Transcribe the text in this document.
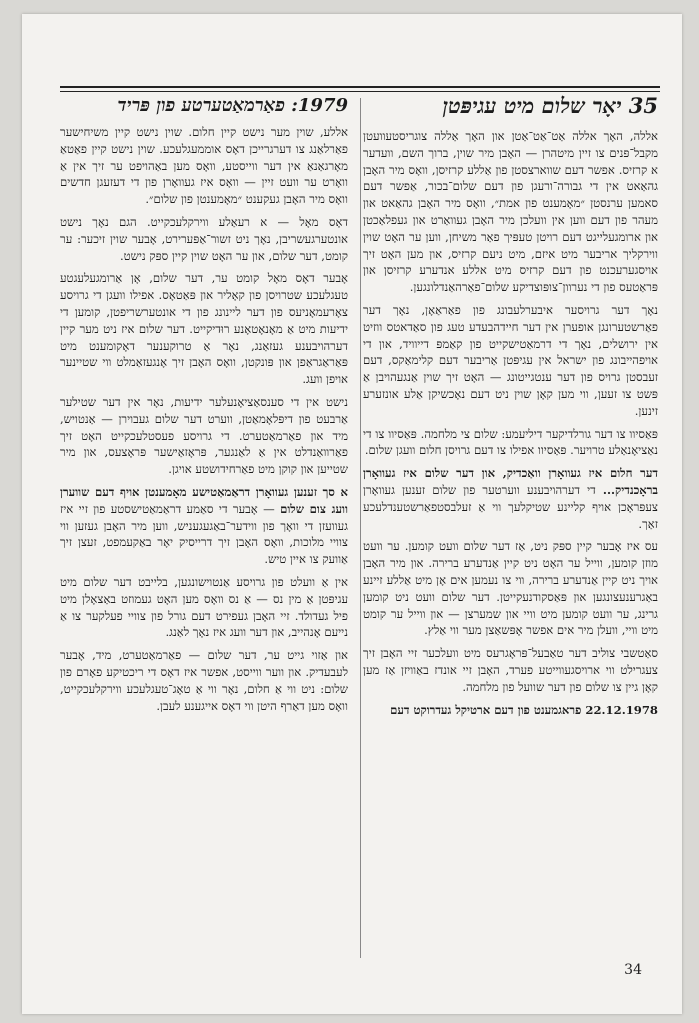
35 יאָר שלום מיט עגיפּטן

אללה, האָך אללה אַט־אַט־אַטן און האָך אַללה צוגריסטעוועטן מקבל־פּנים צו זיין מיטהרן — האָבן מיר שוין, ברוך השם, וועדער א קרזיס. אפשר דעם שווארצסטן פון אַללע קרזיסן, וואָס מיר האָבן גהאַאט אין די גבורה־ורעגן פון דעם שלום־בכור, אַפשר דעם סאמען ערנסטן ״מאָמענט פון אמת״, וואָס מיר האָבן גהאַאט און מעהר פון דעם ווען אין וועלכן מיר האָבן געוואַרט און געפלאַכטן און ארומגעלייגט דעם רויטן טעפּיך פאַר משיחן, ווען ער האָט שוין ווירקליך אריבער מיט איזם, מיט ניעם קרזיס, און מען האָט זיך אויסגערעכנט פון דעם קרזיס מיט אללע אנדערע קרזיסן און פּראַטעס פון די נערוון־צופּוצדיקע שלום־פאַרהאַנדלונגען.

נאָך דער גרויסער איבערלעבונג פון פאַראַאָן, נאָך דער פאַרשטערונגן אופערן אין דער חיידהבעדע טעג פון סאַדאטס ווזיט אין ירושלים, נאָך די דרמאַטישקייט פון קאַמפּ דייוויד, און די אויפהייבונג פון ישראל אין עגיפּטן אַריבער דעם קלימאַקס, דעם זעבסטן גרויס פון דער ענטגייטונג — האָט זיך שוין אַנגעהויבן אַ פּשט צו זעען, ווי מען קאָן שוין ניט דעם נאָכשיקן אַלע אונזערע זינען.

פּאַסיוו צו דער גורלדיקער דיליעמע: שלום צי מלחמה. פּאַסיוו צו די נאַציאָנאַלע טרויער. פּאַסיוו אפילו צו דעם גרויסן חלום וועגן שלום.

דער חלום איז געוואָרן וואַכדיק, און דער שלום איז געוואָרן בראָכנדיק... די דערהויבענע ווערטער פון שלום זענען געוואָרן צעפּראָכן אויף קליינע שטיקלעך ווי אַ זעלבסטפאַרשטענדלעכע זאַך.

עס איז אָבער קיין ספּק ניט, אַז דער שלום וועט קומען. ער וועט מוזן קומען, ווייל ער האָט ניט קיין אַנדערע ברירה. און מיר האָבן אויך ניט קיין אַנדערע ברירה, ווי צו נעמען אים אָן מיט אַללע זיינע באַגרענעצונגען און פּאַסקודנעקייטן. דער שלום וועט ניט קומען גרינג, ער וועט קומען מיט וויי און שמערצן — און ווייל ער קומט מיט וויי, וועלן מיר אים אפשר אָפּשאַצן מער ווי אַלץ.

סאַטשבי צוליב דער טאַבעל־פּראָגרעס מיט וועלכער זיי האָבן זיך צעגרילט ווי ארויסגעווייטע פערד, האָבן זיי אונדז באַוויזן אַז מען קאָן גיין צו שלום פון דער שוועל פון מלחמה.

22.12.1978 פראגמענט פון דעם ארטיקל געדרוקט דעם

1979: פאַרמאַטערטע פון פּריד

אללע, שוין מער נישט קיין חלום. שוין נישט קיין משיחישער פאַרלאַנג צו דערגרייכן דאָס אוממעגלעכע. שוין נישט קיין פאַטאַ מאָרגאַנאַ אין דער ווייסטע, וואָס מען באַהויפט ער זיך אין אַ וואָרט ער וועט זיין — וואָס איז געוואָרן פון די דעזעגן חדשים וואָס מיר האָבן געקענט ״מאָמענטן פון שלום״.

דאָס מאָל — א רעאַלע ווירקלעכקייט. הגם נאָך נישט אונטערגעשריבן, נאָך ניט זשור־אַפּערירט, אָבער שוין זיכער: ער קומט, דער שלום, און ער האָט שוין קיין ספּק נישט.

אָבער דאָס מאָל קומט ער, דער שלום, אָן אַרומגעלעגטע טעגלעכע שטרויסן פון קאָליר און פּאַטאָס. אפילו וועגן די גרויסע צאָרעמאָניעס פון דער ליינונג פון די אונטערשריפטן, קומען די ידיעות מיט אַ מאָנאָטאָנע רוּדיקייט. דער שלום איז ניט מער קיין דערהויבענע געזאַנג, נאָר אַ טרוקענער דאָקומענט מיט פּאַראַגראַפן און פּונקטן, וואָס האָבן זיך אָנגעזאַמלט ווי שטיינער אויפן וועג.

נישט אין די סענסאַציאָנעלער ידיעות, נאָר אין דער שטילער אַרבעט פון דיפּלאָמאַטן, ווערט דער שלום געבוירן — אַנטויש, מיד און פאַרמאַטערט. די גרויסע פעסטלעכקייט האָט זיך פאַרוואַנדלט אין אַ לאַנגער, פּראָזאַישער פּראָצעס, און מיר שטייען און קוקן מיט פאַרחידושטע אויגן.

א סך זענען געוואָרן דראַמאַטישע מאָמענטן אויף דעם שווערן וועג צום שלום — אָבער די סאַמע דראַמאַטישסטע פון זיי איז געוועזן די וואָך פון ווידער־באַגעגעניש, ווען מיר האָבן געזען ווי צוויי מלוכות, וואָס האָבן זיך דרייסיק יאָר באַקעמפט, זעצן זיך אַוועק צו איין טיש.

אין אַ וועלט פון גרויסע אַנטוישונגען, בלייבט דער שלום מיט עגיפּטן אַ מין נס — אַ נס וואָס מען האָט געמוזט באַצאָלן מיט פיל געדולד. זיי האָבן געפירט דעם גורל פון צוויי פעלקער צו אַ נייעם אָנהייב, און דער וועג איז נאָך לאַנג.

און אַזוי גייט ער, דער שלום — פאַרמאַטערט, מיד, אָבער לעבעדיק. און ווער ווייסט, אפשר איז דאָס די ריכטיקע פאָרם פון שלום: ניט ווי אַ חלום, נאָר ווי אַ טאָג־טעגלעכע ווירקלעכקייט, וואָס מען דאַרף היטן ווי דאָס אייגענע לעבן.

34
